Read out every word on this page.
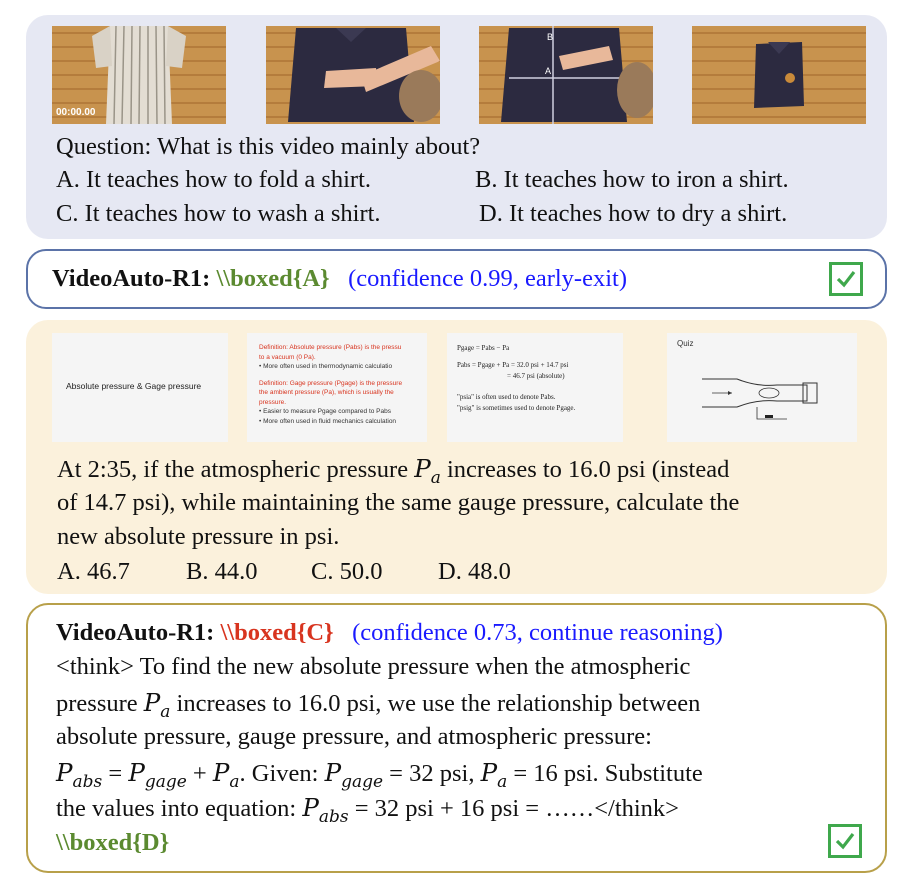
00:00.00
B
A
Question: What is this video mainly about?
A. It teaches how to fold a shirt.	B. It teaches how to iron a shirt.
C. It teaches how to wash a shirt.	D. It teaches how to dry a shirt.
VideoAuto-R1: \\boxed{A} (confidence 0.99, early-exit)
Absolute pressure & Gage pressure
Definition: Absolute pressure (Pabs) is the pressu
to a vacuum (0 Pa).
• More often used in thermodynamic calculatio
Definition: Gage pressure (Pgage) is the pressure
the ambient pressure (Pa), which is usually the
pressure.
• Easier to measure Pgage compared to Pabs
• More often used in fluid mechanics calculation
Pgage = Pabs − Pa
Pabs = Pgage + Pa = 32.0 psi + 14.7 psi
= 46.7 psi (absolute)
"psia" is often used to denote Pabs.
"psig" is sometimes used to denote Pgage.
Quiz
At 2:35, if the atmospheric pressure $P_a$ increases to 16.0 psi (instead
of 14.7 psi), while maintaining the same gauge pressure, calculate the
new absolute pressure in psi.
A. 46.7 B. 44.0 C. 50.0 D. 48.0
VideoAuto-R1: \\boxed{C} (confidence 0.73, continue reasoning)
<think> To find the new absolute pressure when the atmospheric
pressure $P_a$ increases to 16.0 psi, we use the relationship between
absolute pressure, gauge pressure, and atmospheric pressure:
$P_{abs} = P_{gage} + P_a$. Given: $P_{gage} = 32$ psi, $P_a = 16$ psi. Substitute
the values into equation: $P_{abs} = 32$ psi + 16 psi = ……</think>
\\boxed{D}
